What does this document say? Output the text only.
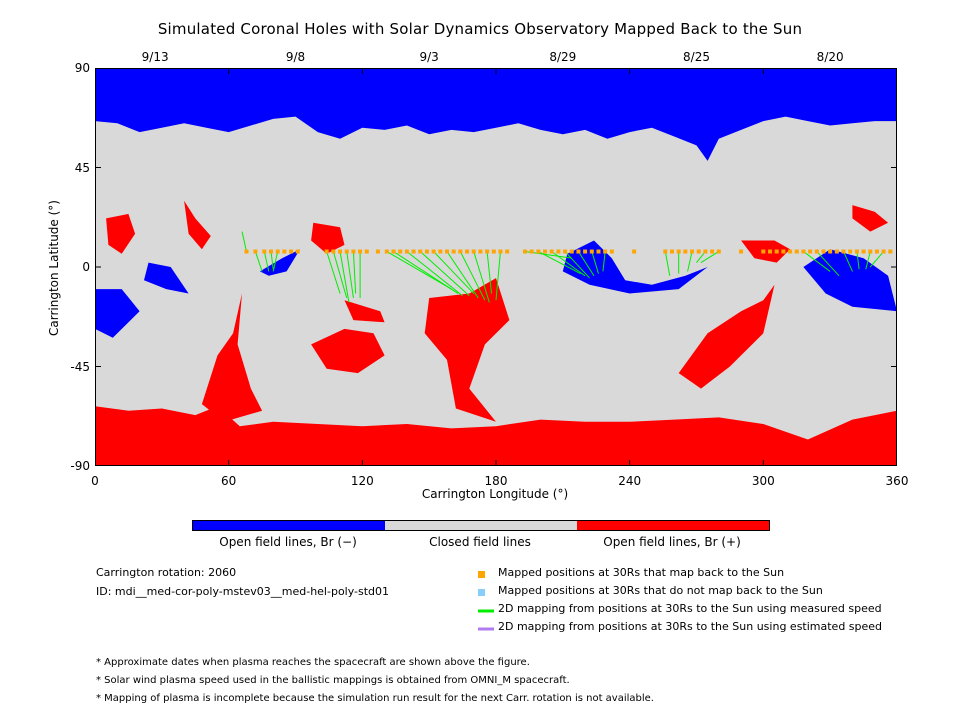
Simulated Coronal Holes with Solar Dynamics Observatory Mapped Back to the Sun
9/13	9/8	9/3	8/29	8/25	8/20
90
45
0
-45
-90
0	60	120	180	240	300	360
Carrington Latitude (°)
Carrington Longitude (°)
Open field lines, Br (−)	Closed field lines	Open field lines, Br (+)
Carrington rotation: 2060
ID: mdi__med-cor-poly-mstev03__med-hel-poly-std01
Mapped positions at 30Rs that map back to the Sun
Mapped positions at 30Rs that do not map back to the Sun
2D mapping from positions at 30Rs to the Sun using measured speed
2D mapping from positions at 30Rs to the Sun using estimated speed
* Approximate dates when plasma reaches the spacecraft are shown above the figure.
* Solar wind plasma speed used in the ballistic mappings is obtained from OMNI_M spacecraft.
* Mapping of plasma is incomplete because the simulation run result for the next Carr. rotation is not available.
